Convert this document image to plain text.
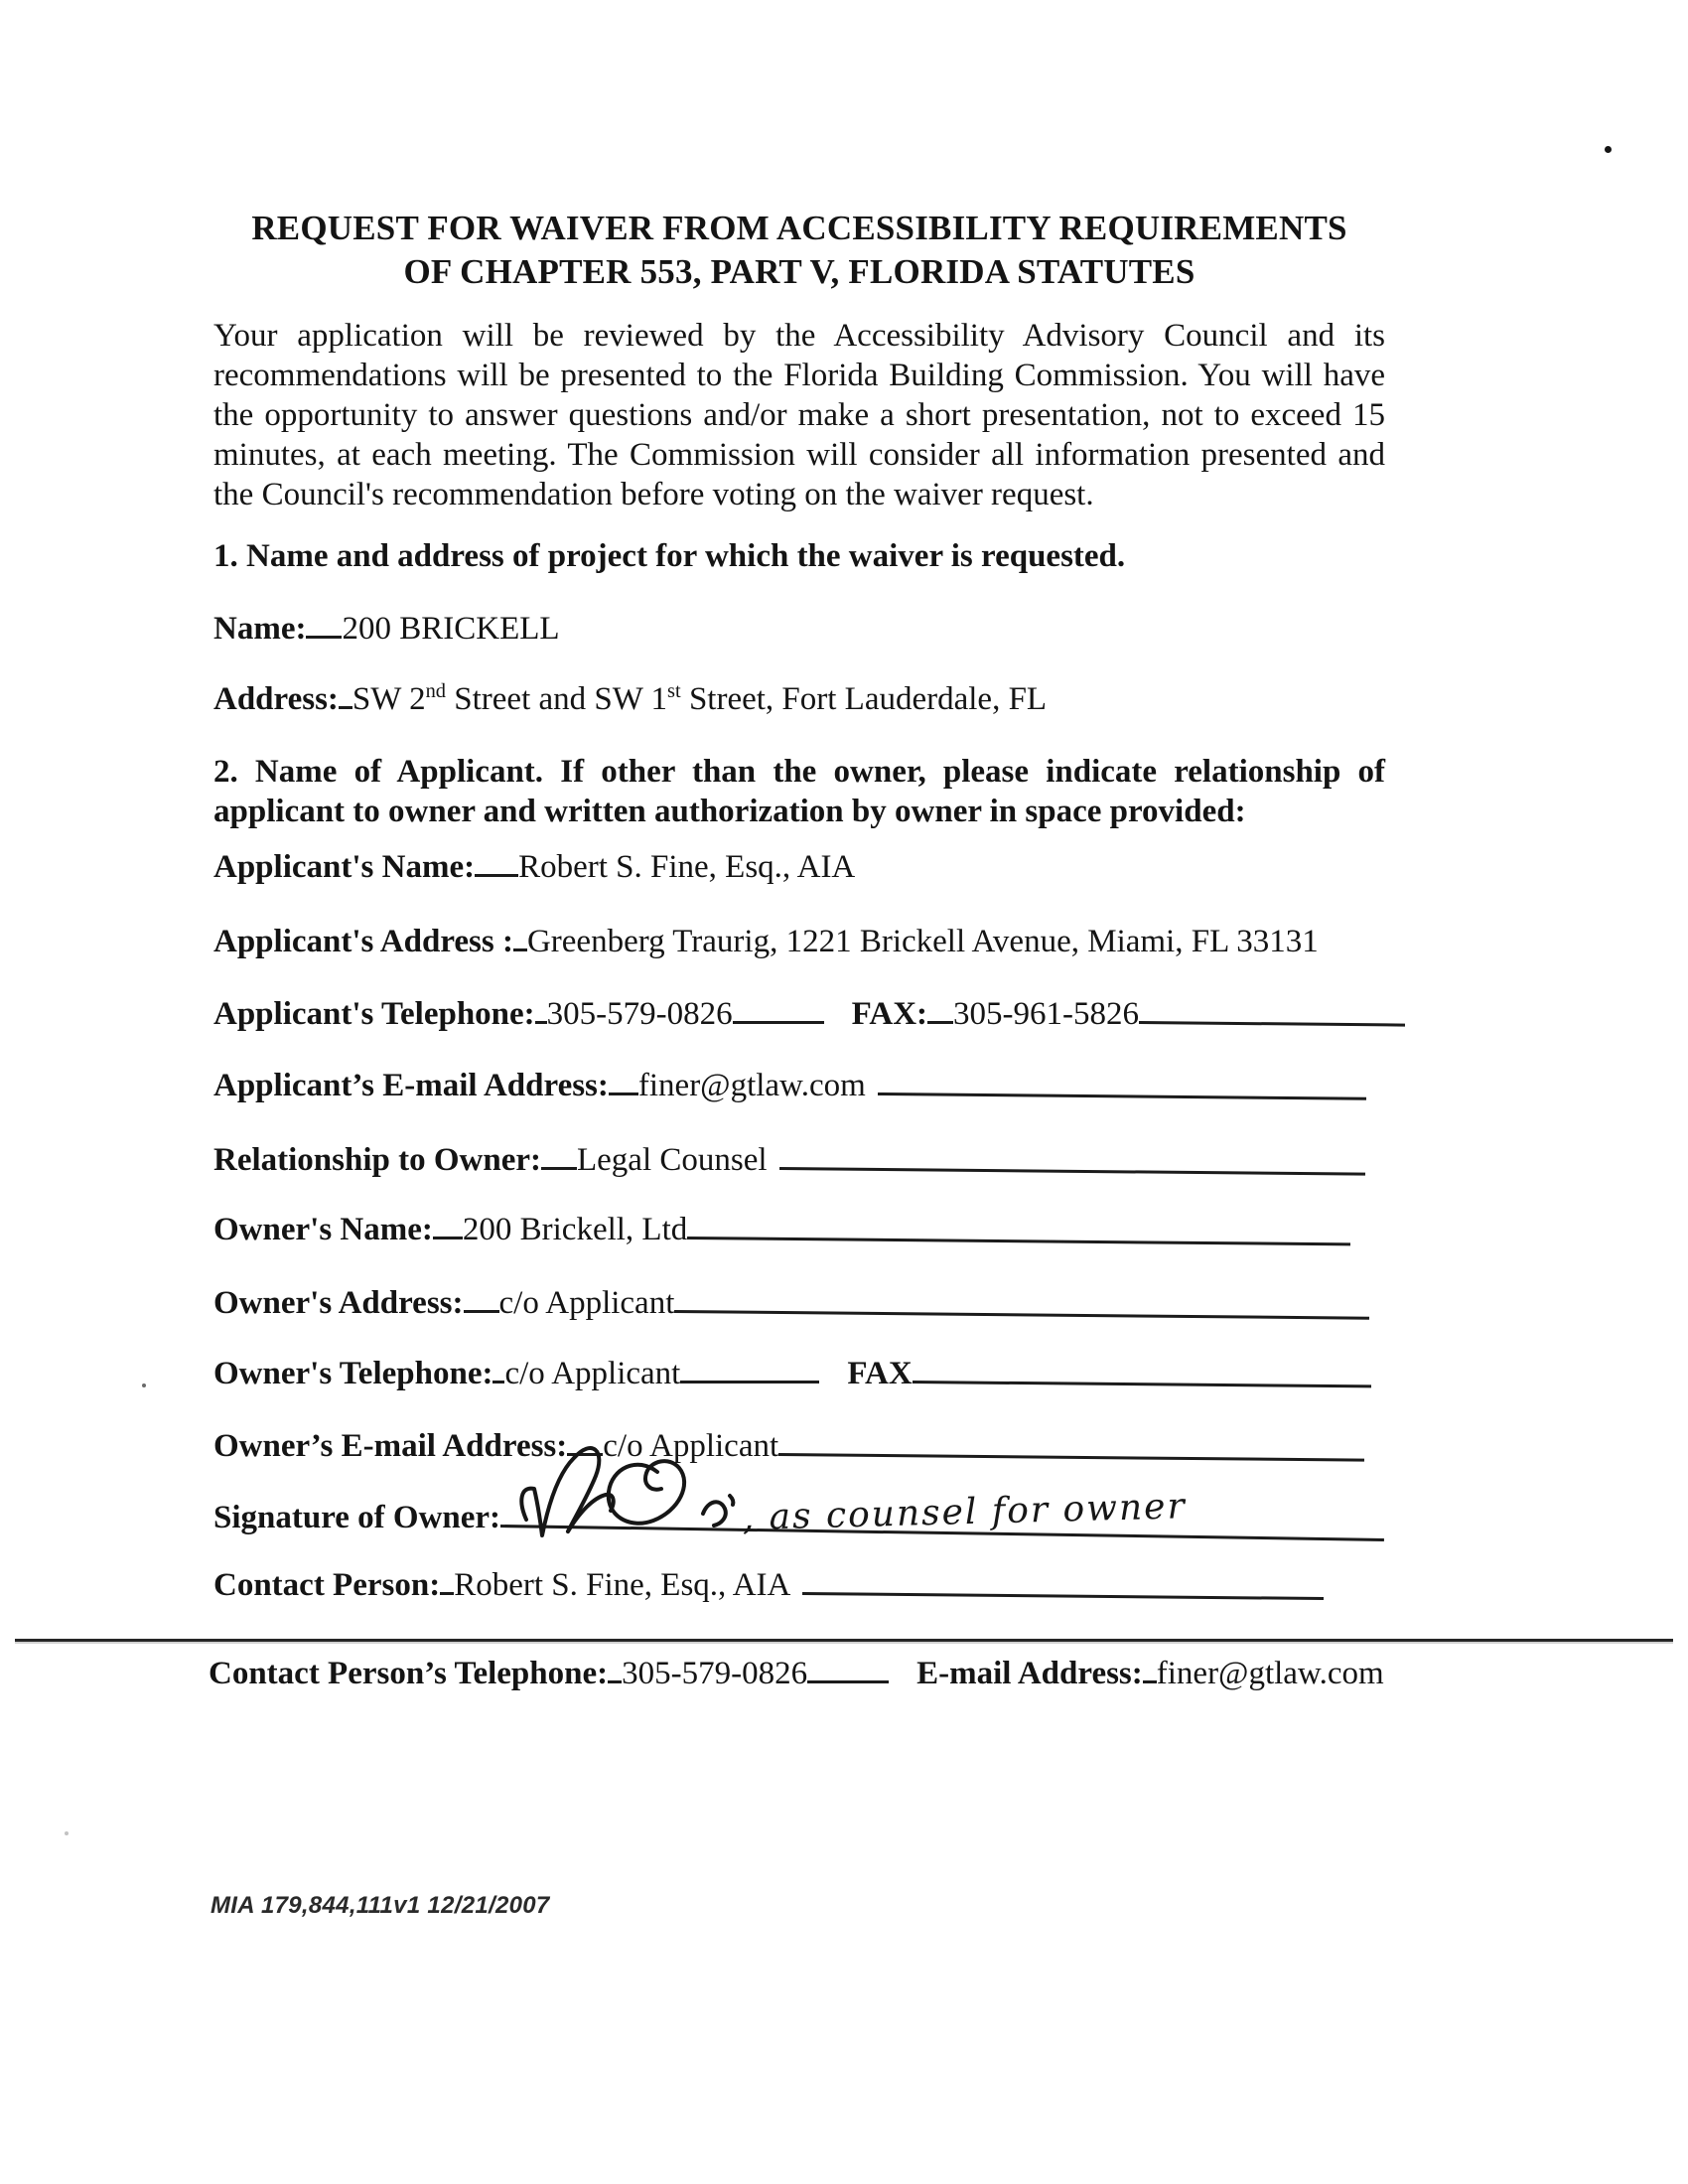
REQUEST FOR WAIVER FROM ACCESSIBILITY REQUIREMENTS
OF CHAPTER 553, PART V, FLORIDA STATUTES
Your application will be reviewed by the Accessibility Advisory Council and its recommendations will be presented to the Florida Building Commission. You will have the opportunity to answer questions and/or make a short presentation, not to exceed 15 minutes, at each meeting. The Commission will consider all information presented and the Council's recommendation before voting on the waiver request.
1. Name and address of project for which the waiver is requested.
Name: 200 BRICKELL
Address: SW 2nd Street and SW 1st Street, Fort Lauderdale, FL
2. Name of Applicant. If other than the owner, please indicate relationship of applicant to owner and written authorization by owner in space provided:
Applicant's Name: Robert S. Fine, Esq., AIA
Applicant's Address : Greenberg Traurig, 1221 Brickell Avenue, Miami, FL 33131
Applicant's Telephone: 305-579-0826	FAX: 305-961-5826
Applicant’s E-mail Address: finer@gtlaw.com
Relationship to Owner: Legal Counsel
Owner's Name: 200 Brickell, Ltd
Owner's Address: c/o Applicant
Owner's Telephone: c/o Applicant	FAX
Owner’s E-mail Address: c/o Applicant
Signature of Owner:	, as counsel for owner
Contact Person: Robert S. Fine, Esq., AIA
Contact Person’s Telephone: 305-579-0826	E-mail Address: finer@gtlaw.com
MIA 179,844,111v1 12/21/2007
